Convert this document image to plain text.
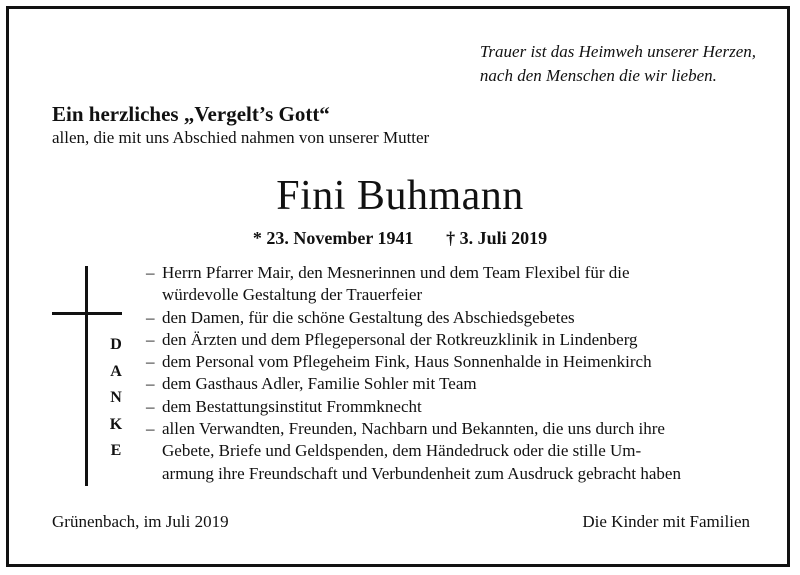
Trauer ist das Heimweh unserer Herzen,
nach den Menschen die wir lieben.
Ein herzliches „Vergelt’s Gott“
allen, die mit uns Abschied nahmen von unserer Mutter
Fini Buhmann
* 23. November 1941 † 3. Juli 2019
D
A
N
K
E
– Herrn Pfarrer Mair, den Mesnerinnen und dem Team Flexibel für die
würdevolle Gestaltung der Trauerfeier
– den Damen, für die schöne Gestaltung des Abschiedsgebetes
– den Ärzten und dem Pflegepersonal der Rotkreuzklinik in Lindenberg
– dem Personal vom Pflegeheim Fink, Haus Sonnenhalde in Heimenkirch
– dem Gasthaus Adler, Familie Sohler mit Team
– dem Bestattungsinstitut Frommknecht
– allen Verwandten, Freunden, Nachbarn und Bekannten, die uns durch ihre
Gebete, Briefe und Geldspenden, dem Händedruck oder die stille Um-
armung ihre Freundschaft und Verbundenheit zum Ausdruck gebracht haben
Grünenbach, im Juli 2019	Die Kinder mit Familien
